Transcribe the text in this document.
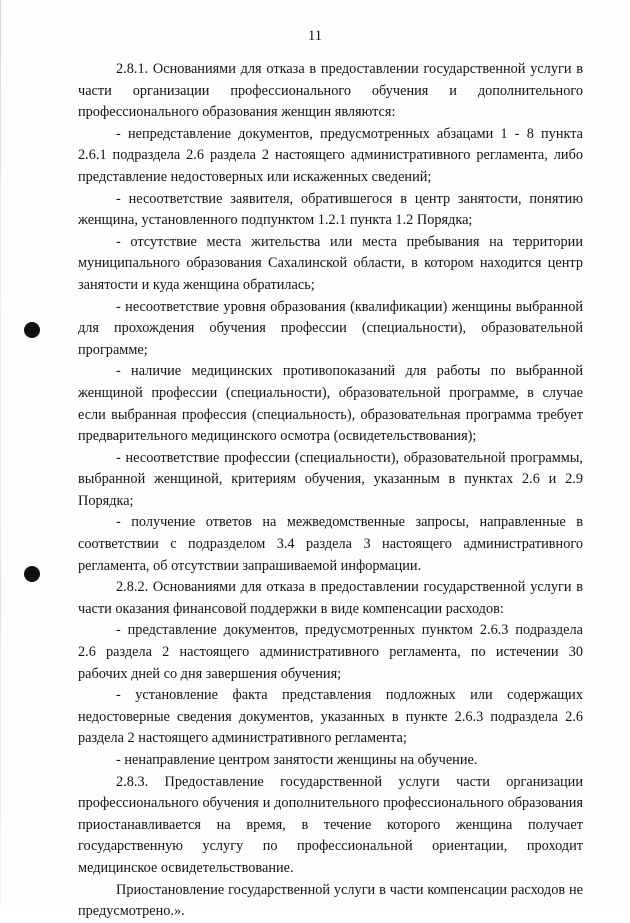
11

2.8.1. Основаниями для отказа в предоставлении государственной услуги в части организации профессионального обучения и дополнительного профессионального образования женщин являются:

- непредставление документов, предусмотренных абзацами 1 - 8 пункта 2.6.1 подраздела 2.6 раздела 2 настоящего административного регламента, либо представление недостоверных или искаженных сведений;

- несоответствие заявителя, обратившегося в центр занятости, понятию женщина, установленного подпунктом 1.2.1 пункта 1.2 Порядка;

- отсутствие места жительства или места пребывания на территории муниципального образования Сахалинской области, в котором находится центр занятости и куда женщина обратилась;

- несоответствие уровня образования (квалификации) женщины выбранной для прохождения обучения профессии (специальности), образовательной программе;

- наличие медицинских противопоказаний для работы по выбранной женщиной профессии (специальности), образовательной программе, в случае если выбранная профессия (специальность), образовательная программа требует предварительного медицинского осмотра (освидетельствования);

- несоответствие профессии (специальности), образовательной программы, выбранной женщиной, критериям обучения, указанным в пунктах 2.6 и 2.9 Порядка;

- получение ответов на межведомственные запросы, направленные в соответствии с подразделом 3.4 раздела 3 настоящего административного регламента, об отсутствии запрашиваемой информации.

2.8.2. Основаниями для отказа в предоставлении государственной услуги в части оказания финансовой поддержки в виде компенсации расходов:

- представление документов, предусмотренных пунктом 2.6.3 подраздела 2.6 раздела 2 настоящего административного регламента, по истечении 30 рабочих дней со дня завершения обучения;

- установление факта представления подложных или содержащих недостоверные сведения документов, указанных в пункте 2.6.3 подраздела 2.6 раздела 2 настоящего административного регламента;

- ненаправление центром занятости женщины на обучение.

2.8.3. Предоставление государственной услуги части организации профессионального обучения и дополнительного профессионального образования приостанавливается на время, в течение которого женщина получает государственную услугу по профессиональной ориентации, проходит медицинское освидетельствование.

Приостановление государственной услуги в части компенсации расходов не предусмотрено.».
